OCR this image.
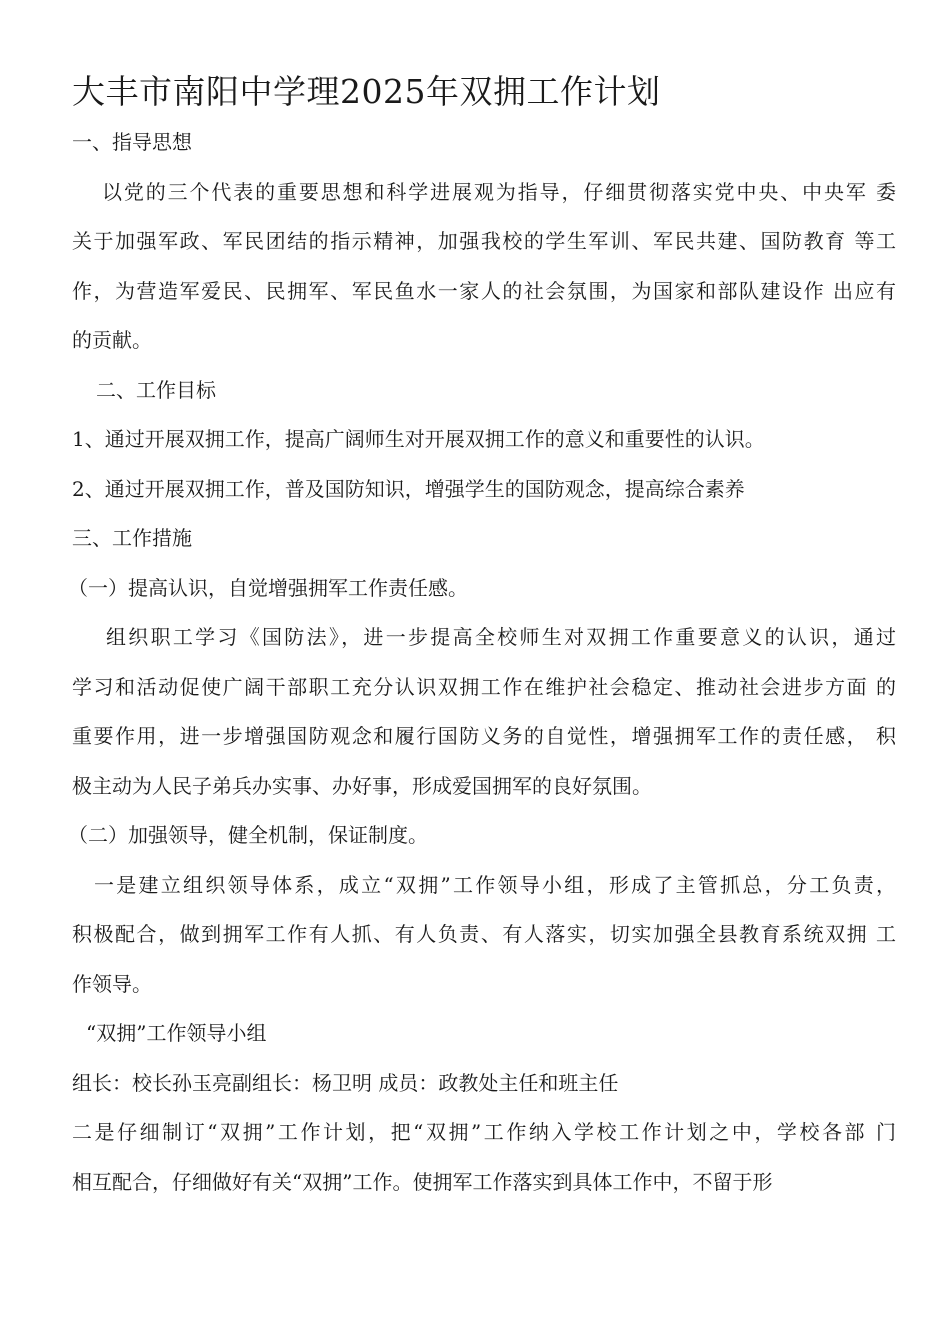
大丰市南阳中学理2025年双拥工作计划
一、指导思想
以党的三个代表的重要思想和科学进展观为指导，仔细贯彻落实党中央、中央军 委
关于加强军政、军民团结的指示精神，加强我校的学生军训、军民共建、国防教育 等工
作，为营造军爱民、民拥军、军民鱼水一家人的社会氛围，为国家和部队建设作 出应有
的贡献。
二、工作目标
1、通过开展双拥工作，提高广阔师生对开展双拥工作的意义和重要性的认识。
2、通过开展双拥工作，普及国防知识，增强学生的国防观念，提高综合素养
三、工作措施
（一）提高认识，自觉增强拥军工作责任感。
组织职工学习《国防法》，进一步提高全校师生对双拥工作重要意义的认识，通过
学习和活动促使广阔干部职工充分认识双拥工作在维护社会稳定、推动社会进步方面 的
重要作用，进一步增强国防观念和履行国防义务的自觉性，增强拥军工作的责任感， 积
极主动为人民子弟兵办实事、办好事，形成爱国拥军的良好氛围。
（二）加强领导，健全机制，保证制度。
一是建立组织领导体系，成立“双拥”工作领导小组，形成了主管抓总，分工负责，
积极配合，做到拥军工作有人抓、有人负责、有人落实，切实加强全县教育系统双拥 工
作领导。
“双拥”工作领导小组
组长：校长孙玉亮副组长：杨卫明 成员：政教处主任和班主任
二是仔细制订“双拥”工作计划，把“双拥”工作纳入学校工作计划之中，学校各部 门
相互配合，仔细做好有关“双拥”工作。使拥军工作落实到具体工作中，不留于形
